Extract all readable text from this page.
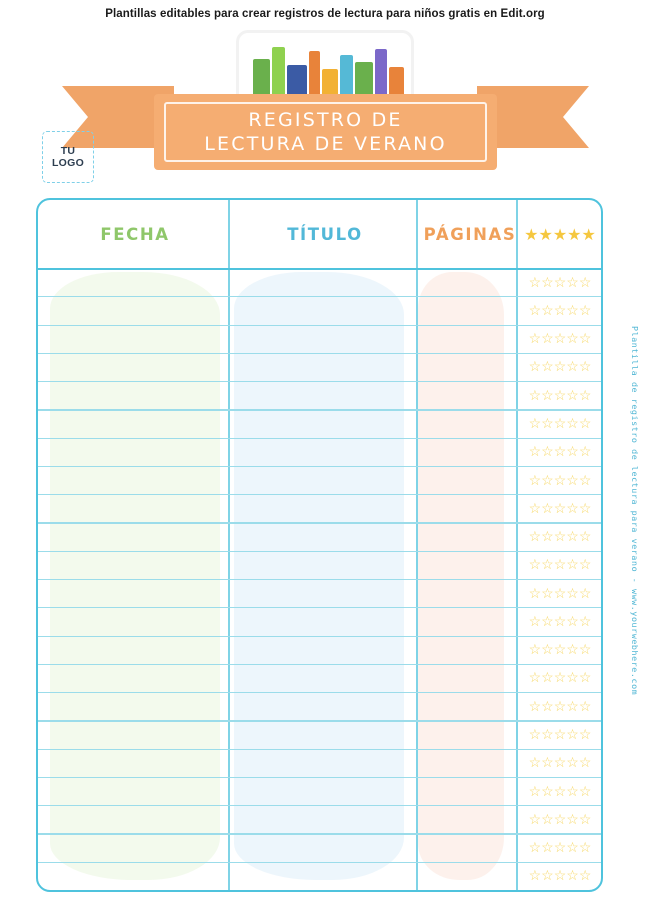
Plantillas editables para crear registros de lectura para niños gratis en Edit.org
REGISTRO DE
LECTURA DE VERANO
TU
LOGO
FECHA	TÍTULO	PÁGINAS ★★★★★
☆☆☆☆☆
☆☆☆☆☆
☆☆☆☆☆
☆☆☆☆☆
☆☆☆☆☆
☆☆☆☆☆
☆☆☆☆☆
☆☆☆☆☆
☆☆☆☆☆
☆☆☆☆☆
☆☆☆☆☆
☆☆☆☆☆
☆☆☆☆☆
☆☆☆☆☆
☆☆☆☆☆
☆☆☆☆☆
☆☆☆☆☆
☆☆☆☆☆
☆☆☆☆☆
☆☆☆☆☆
☆☆☆☆☆
☆☆☆☆☆
Plantilla de registro de lectura para verano - www.yourwebhere.com
